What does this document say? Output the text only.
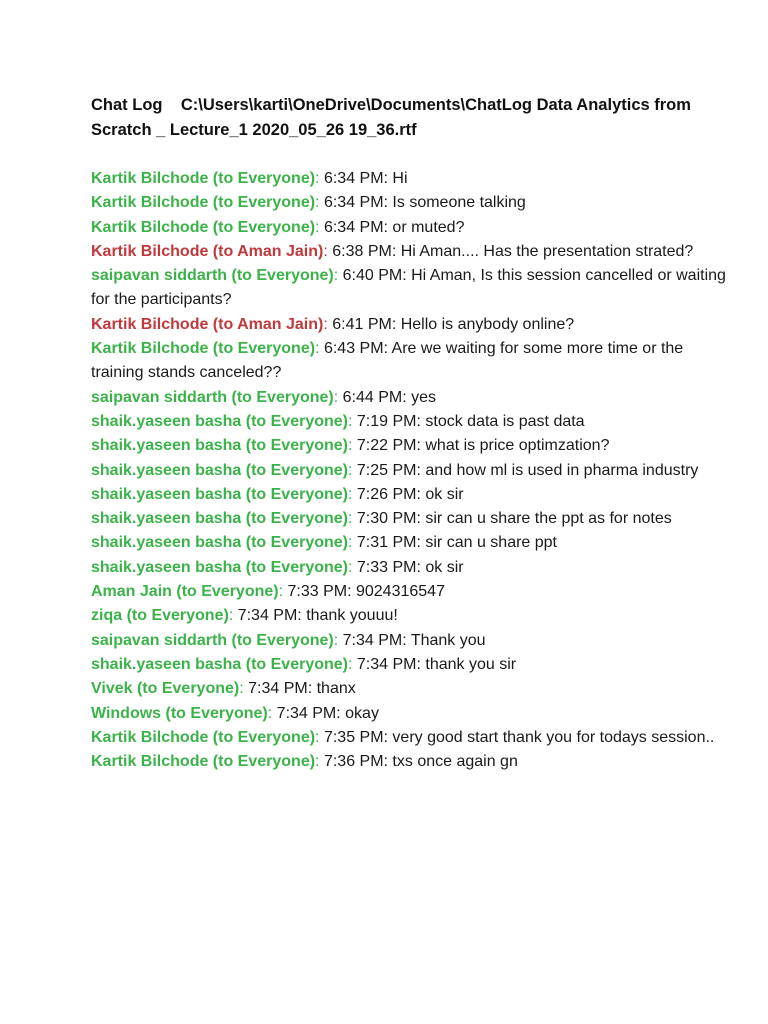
Chat Log    C:\Users\karti\OneDrive\Documents\ChatLog Data Analytics from Scratch _ Lecture_1 2020_05_26 19_36.rtf

Kartik Bilchode (to Everyone): 6:34 PM: Hi

Kartik Bilchode (to Everyone): 6:34 PM: Is someone talking

Kartik Bilchode (to Everyone): 6:34 PM: or muted?

Kartik Bilchode (to Aman Jain): 6:38 PM: Hi Aman.... Has the presentation strated?

saipavan siddarth (to Everyone): 6:40 PM: Hi Aman, Is this session cancelled or waiting for the participants?

Kartik Bilchode (to Aman Jain): 6:41 PM: Hello is anybody online?

Kartik Bilchode (to Everyone): 6:43 PM: Are we waiting for some more time or the training stands canceled??

saipavan siddarth (to Everyone): 6:44 PM: yes

shaik.yaseen basha (to Everyone): 7:19 PM: stock data is past data

shaik.yaseen basha (to Everyone): 7:22 PM: what is price optimzation?

shaik.yaseen basha (to Everyone): 7:25 PM: and how ml is used in pharma industry

shaik.yaseen basha (to Everyone): 7:26 PM: ok sir

shaik.yaseen basha (to Everyone): 7:30 PM: sir can u share the ppt as for notes

shaik.yaseen basha (to Everyone): 7:31 PM: sir can u share ppt

shaik.yaseen basha (to Everyone): 7:33 PM: ok sir

Aman Jain (to Everyone): 7:33 PM: 9024316547

ziqa (to Everyone): 7:34 PM: thank youuu!

saipavan siddarth (to Everyone): 7:34 PM: Thank you

shaik.yaseen basha (to Everyone): 7:34 PM: thank you sir

Vivek (to Everyone): 7:34 PM: thanx

Windows (to Everyone): 7:34 PM: okay

Kartik Bilchode (to Everyone): 7:35 PM: very good start thank you for todays session..

Kartik Bilchode (to Everyone): 7:36 PM: txs once again gn
